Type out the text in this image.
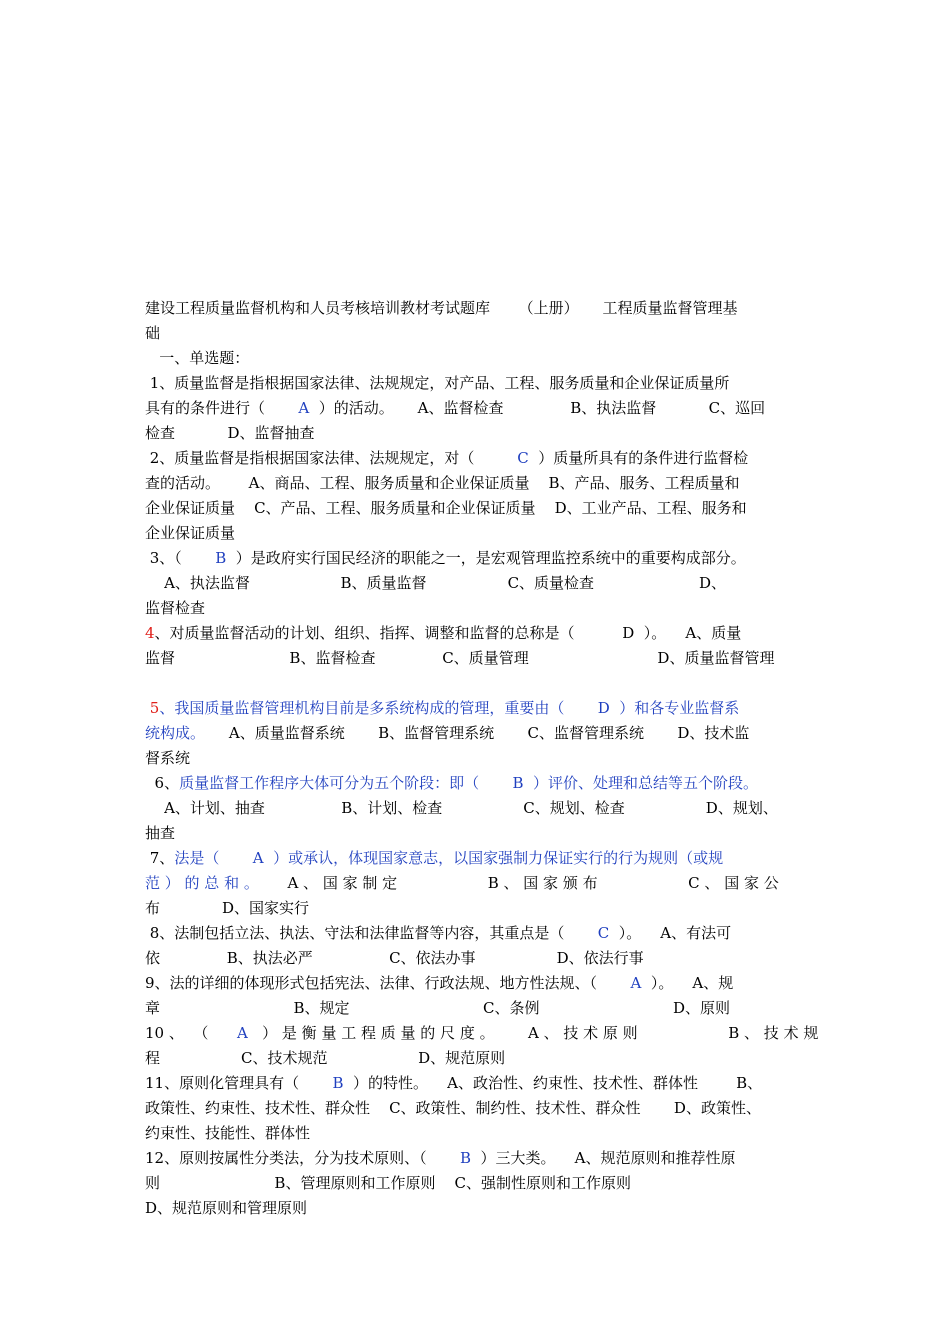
建设工程质量监督机构和人员考核培训教材考试题库      （上册）     工程质量监督管理基
础
一、单选题：
1、质量监督是指根据国家法律、法规规定，对产品、工程、服务质量和企业保证质量所
具有的条件进行（       A  ）的活动。     A、监督检查              B、执法监督           C、巡回
检查           D、监督抽查
2、质量监督是指根据国家法律、法规规定，对（         C  ）质量所具有的条件进行监督检
查的活动。      A、商品、工程、服务质量和企业保证质量    B、产品、服务、工程质量和
企业保证质量    C、产品、工程、服务质量和企业保证质量    D、工业产品、工程、服务和
企业保证质量
3、（       B  ）是政府实行国民经济的职能之一，是宏观管理监控系统中的重要构成部分。
A、执法监督                   B、质量监督                 C、质量检查                      D、
监督检查
4、对质量监督活动的计划、组织、指挥、调整和监督的总称是（          D  ）。    A、质量
监督                        B、监督检查              C、质量管理                           D、质量监督管理
5、我国质量监督管理机构目前是多系统构成的管理，重要由（       D  ）和各专业监督系
统构成。     A、质量监督系统       B、监督管理系统       C、监督管理系统       D、技术监
督系统
6、质量监督工作程序大体可分为五个阶段：即（       B  ）评价、处理和总结等五个阶段。
A、计划、抽查                B、计划、检查                 C、规划、检查                 D、规划、
抽查
7、法是（       A  ）或承认，体现国家意志，以国家强制力保证实行的行为规则（或规
范 ） 的 总 和 。      A 、 国 家 制 定                   B 、 国 家 颁 布                   C 、 国 家 公
布             D、国家实行
8、法制包括立法、执法、守法和法律监督等内容，其重点是（       C  ）。    A、有法可
依              B、执法必严                C、依法办事                 D、依法行事
9、法的详细的体现形式包括宪法、法律、行政法规、地方性法规、（       A  ）。    A、规
章                            B、规定                            C、条例                            D、原则
10 、  （      A   ） 是 衡 量 工 程 质 量 的 尺 度 。       A 、 技 术 原 则                   B 、 技 术 规
程                 C、技术规范                   D、规范原则
11、原则化管理具有（       B  ）的特性。    A、政治性、约束性、技术性、群体性        B、
政策性、约束性、技术性、群众性    C、政策性、制约性、技术性、群众性       D、政策性、
约束性、技能性、群体性
12、原则按属性分类法，分为技术原则、（       B  ）三大类。    A、规范原则和推荐性原
则                        B、管理原则和工作原则    C、强制性原则和工作原则
D、规范原则和管理原则
